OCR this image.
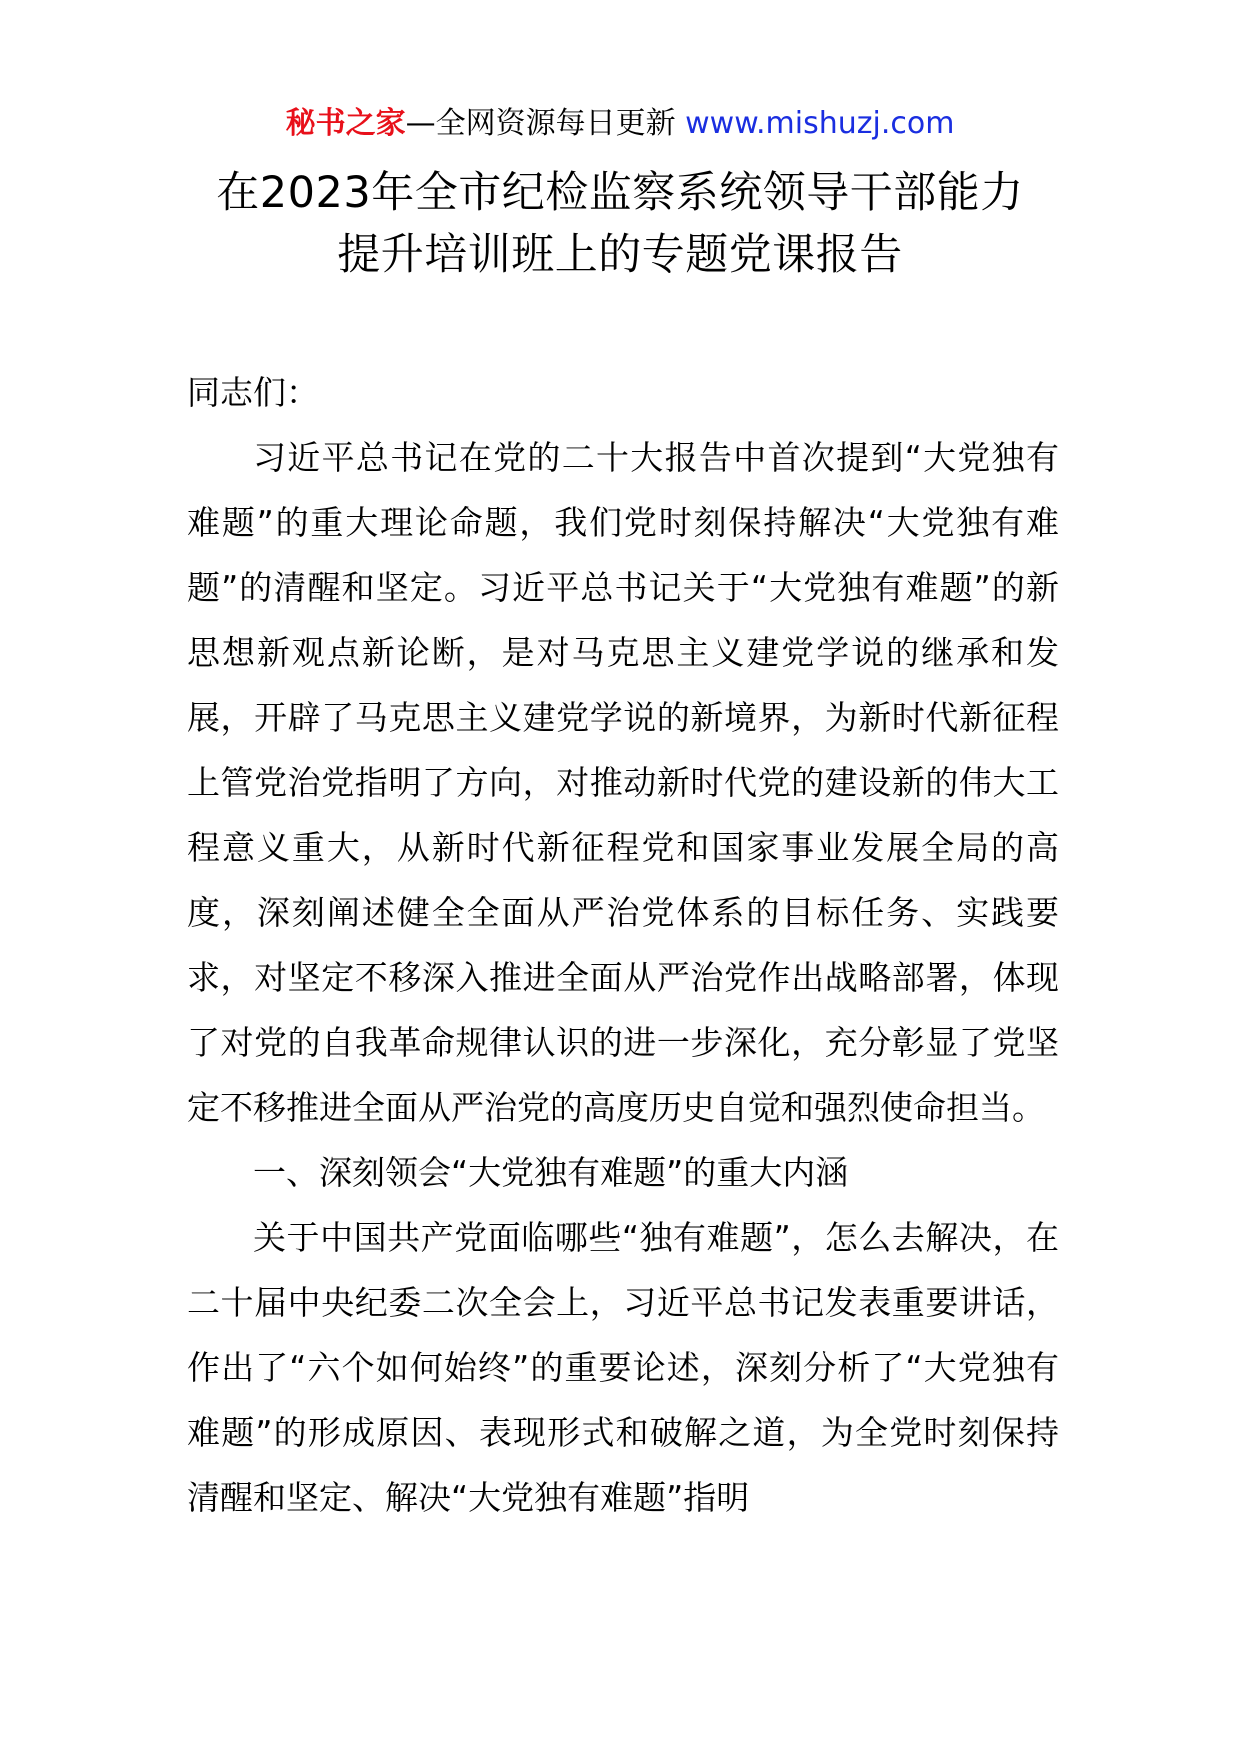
秘书之家—全网资源每日更新 www.mishuzj.com
在2023年全市纪检监察系统领导干部能力
提升培训班上的专题党课报告

同志们：

习近平总书记在党的二十大报告中首次提到“大党独有难题”的重大理论命题，我们党时刻保持解决“大党独有难题”的清醒和坚定。习近平总书记关于“大党独有难题”的新思想新观点新论断，是对马克思主义建党学说的继承和发展，开辟了马克思主义建党学说的新境界，为新时代新征程上管党治党指明了方向，对推动新时代党的建设新的伟大工程意义重大，从新时代新征程党和国家事业发展全局的高度，深刻阐述健全全面从严治党体系的目标任务、实践要求，对坚定不移深入推进全面从严治党作出战略部署，体现了对党的自我革命规律认识的进一步深化，充分彰显了党坚定不移推进全面从严治党的高度历史自觉和强烈使命担当。

一、深刻领会“大党独有难题”的重大内涵

关于中国共产党面临哪些“独有难题”，怎么去解决，在二十届中央纪委二次全会上，习近平总书记发表重要讲话，作出了“六个如何始终”的重要论述，深刻分析了“大党独有难题”的形成原因、表现形式和破解之道，为全党时刻保持清醒和坚定、解决“大党独有难题”指明
